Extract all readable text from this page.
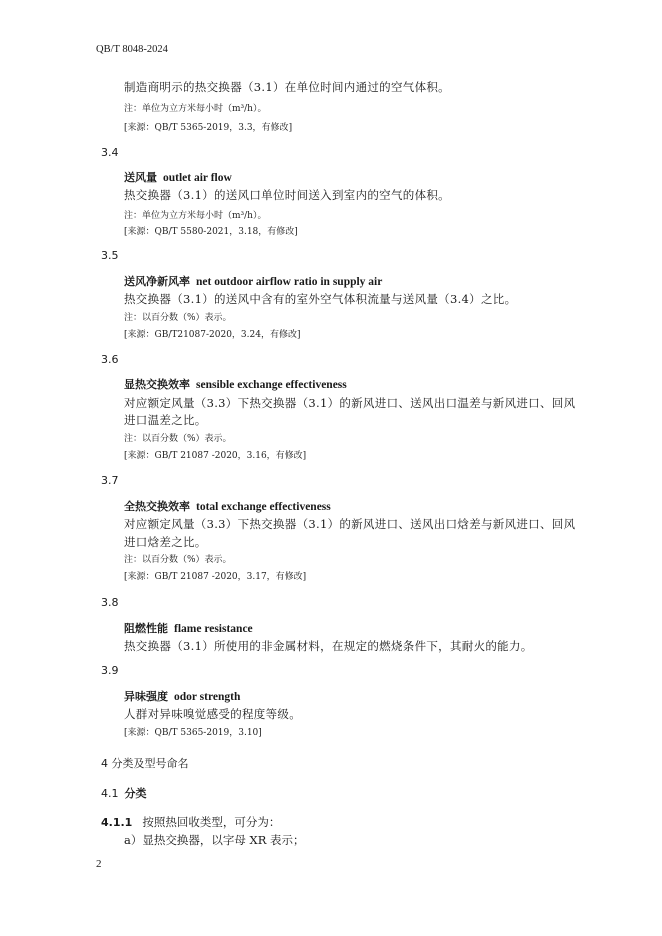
QB/T 8048-2024
制造商明示的热交换器（3.1）在单位时间内通过的空气体积。
注：单位为立方米每小时（m³/h）。
[来源：QB/T 5365-2019，3.3，有修改]
3.4
送风量 outlet air flow
热交换器（3.1）的送风口单位时间送入到室内的空气的体积。
注：单位为立方米每小时（m³/h）。
[来源：QB/T 5580-2021，3.18，有修改]
3.5
送风净新风率 net outdoor airflow ratio in supply air
热交换器（3.1）的送风中含有的室外空气体积流量与送风量（3.4）之比。
注：以百分数（%）表示。
[来源：GB/T21087-2020，3.24，有修改]
3.6
显热交换效率 sensible exchange effectiveness
对应额定风量（3.3）下热交换器（3.1）的新风进口、送风出口温差与新风进口、回风
进口温差之比。
注：以百分数（%）表示。
[来源：GB/T 21087 -2020，3.16，有修改]
3.7
全热交换效率 total exchange effectiveness
对应额定风量（3.3）下热交换器（3.1）的新风进口、送风出口焓差与新风进口、回风
进口焓差之比。
注：以百分数（%）表示。
[来源：GB/T 21087 -2020，3.17，有修改]
3.8
阻燃性能 flame resistance
热交换器（3.1）所使用的非金属材料，在规定的燃烧条件下，其耐火的能力。
3.9
异味强度 odor strength
人群对异味嗅觉感受的程度等级。
[来源：QB/T 5365-2019，3.10]
4 分类及型号命名
4.1 分类
4.1.1 按照热回收类型，可分为：
a）显热交换器，以字母 XR 表示；
2
